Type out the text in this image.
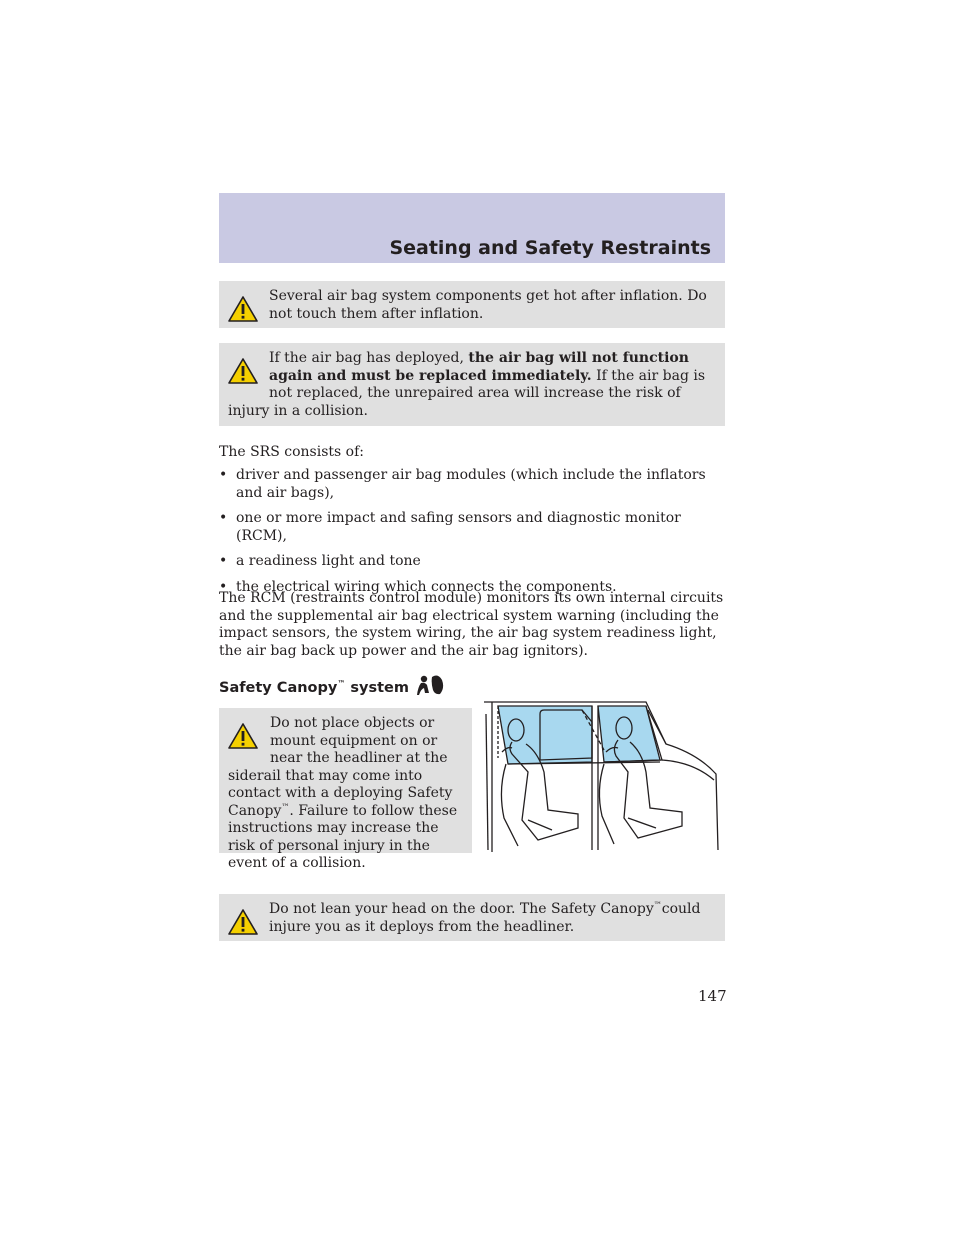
Seating and Safety Restraints
Several air bag system components get hot after inflation. Do not touch them after inflation.
If the air bag has deployed, the air bag will not function again and must be replaced immediately. If the air bag is not replaced, the unrepaired area will increase the risk of injury in a collision.

The SRS consists of:

• driver and passenger air bag modules (which include the inflators and air bags),
• one or more impact and safing sensors and diagnostic monitor (RCM),
• a readiness light and tone
• the electrical wiring which connects the components.

The RCM (restraints control module) monitors its own internal circuits and the supplemental air bag electrical system warning (including the impact sensors, the system wiring, the air bag system readiness light, the air bag back up power and the air bag ignitors).

Safety Canopy™ system
Do not place objects or mount equipment on or near the headliner at the siderail that may come into contact with a deploying Safety Canopy™. Failure to follow these instructions may increase the risk of personal injury in the event of a collision.
Do not lean your head on the door. The Safety Canopy™could injure you as it deploys from the headliner.

147
